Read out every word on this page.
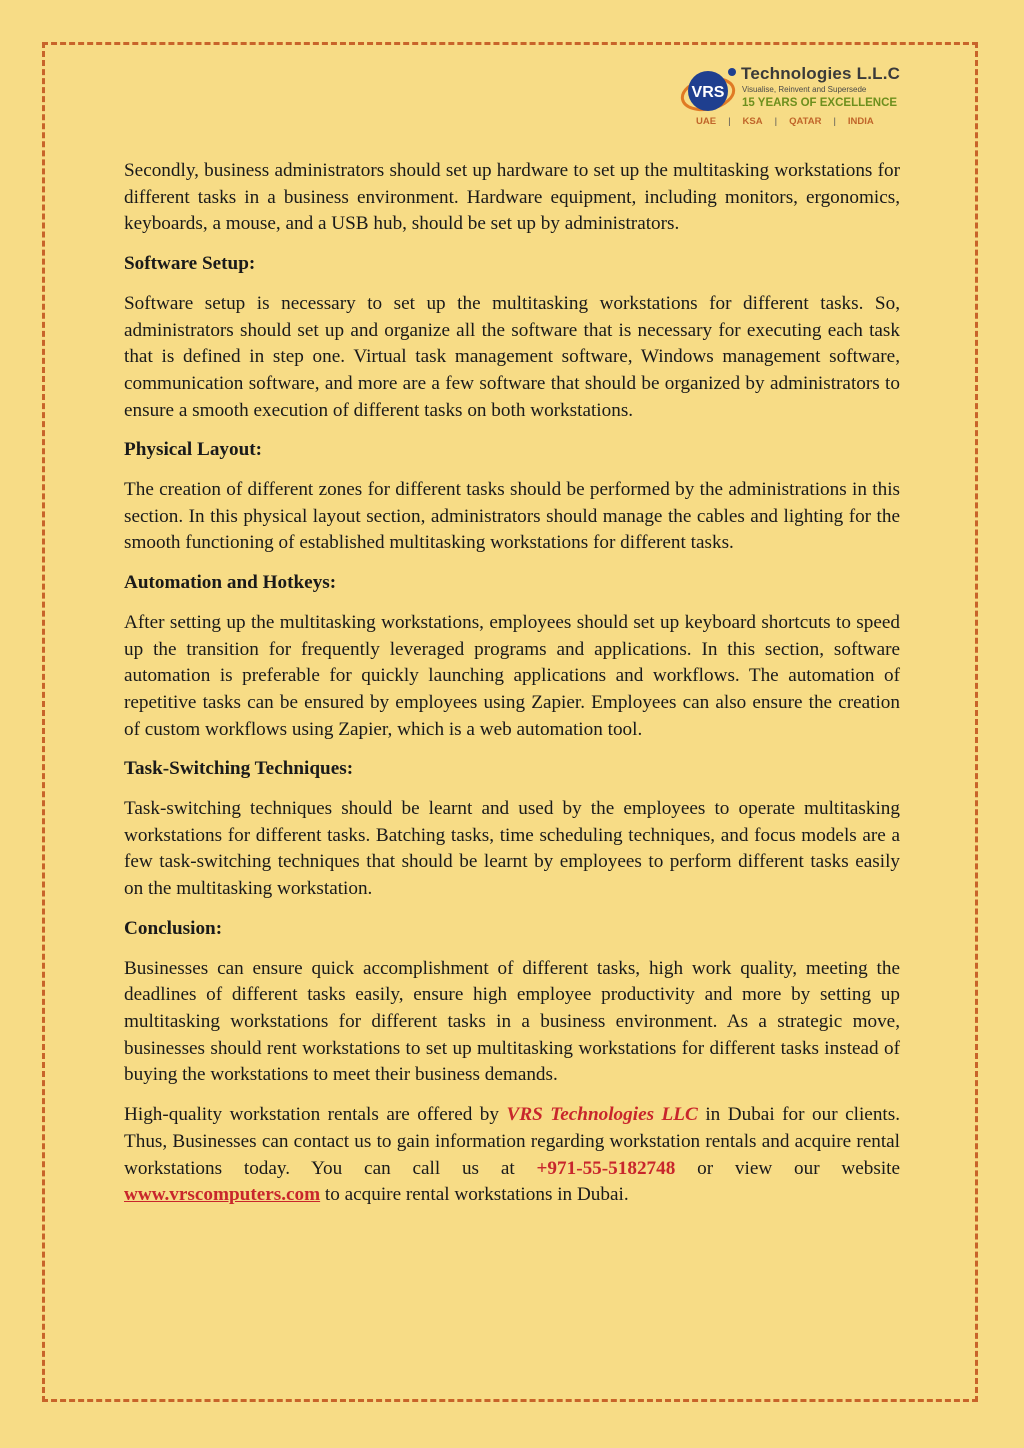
VRS
Technologies L.L.C
Visualise, Reinvent and Supersede
15 YEARS OF EXCELLENCE
UAE | KSA | QATAR | INDIA

Secondly, business administrators should set up hardware to set up the multitasking workstations for different tasks in a business environment. Hardware equipment, including monitors, ergonomics, keyboards, a mouse, and a USB hub, should be set up by administrators.

Software Setup:

Software setup is necessary to set up the multitasking workstations for different tasks. So, administrators should set up and organize all the software that is necessary for executing each task that is defined in step one. Virtual task management software, Windows management software, communication software, and more are a few software that should be organized by administrators to ensure a smooth execution of different tasks on both workstations.

Physical Layout:

The creation of different zones for different tasks should be performed by the administrations in this section. In this physical layout section, administrators should manage the cables and lighting for the smooth functioning of established multitasking workstations for different tasks.

Automation and Hotkeys:

After setting up the multitasking workstations, employees should set up keyboard shortcuts to speed up the transition for frequently leveraged programs and applications. In this section, software automation is preferable for quickly launching applications and workflows. The automation of repetitive tasks can be ensured by employees using Zapier. Employees can also ensure the creation of custom workflows using Zapier, which is a web automation tool.

Task-Switching Techniques:

Task-switching techniques should be learnt and used by the employees to operate multitasking workstations for different tasks. Batching tasks, time scheduling techniques, and focus models are a few task-switching techniques that should be learnt by employees to perform different tasks easily on the multitasking workstation.

Conclusion:

Businesses can ensure quick accomplishment of different tasks, high work quality, meeting the deadlines of different tasks easily, ensure high employee productivity and more by setting up multitasking workstations for different tasks in a business environment. As a strategic move, businesses should rent workstations to set up multitasking workstations for different tasks instead of buying the workstations to meet their business demands.

High-quality workstation rentals are offered by VRS Technologies LLC in Dubai for our clients. Thus, Businesses can contact us to gain information regarding workstation rentals and acquire rental workstations today. You can call us at +971-55-5182748 or view our website www.vrscomputers.com to acquire rental workstations in Dubai.
